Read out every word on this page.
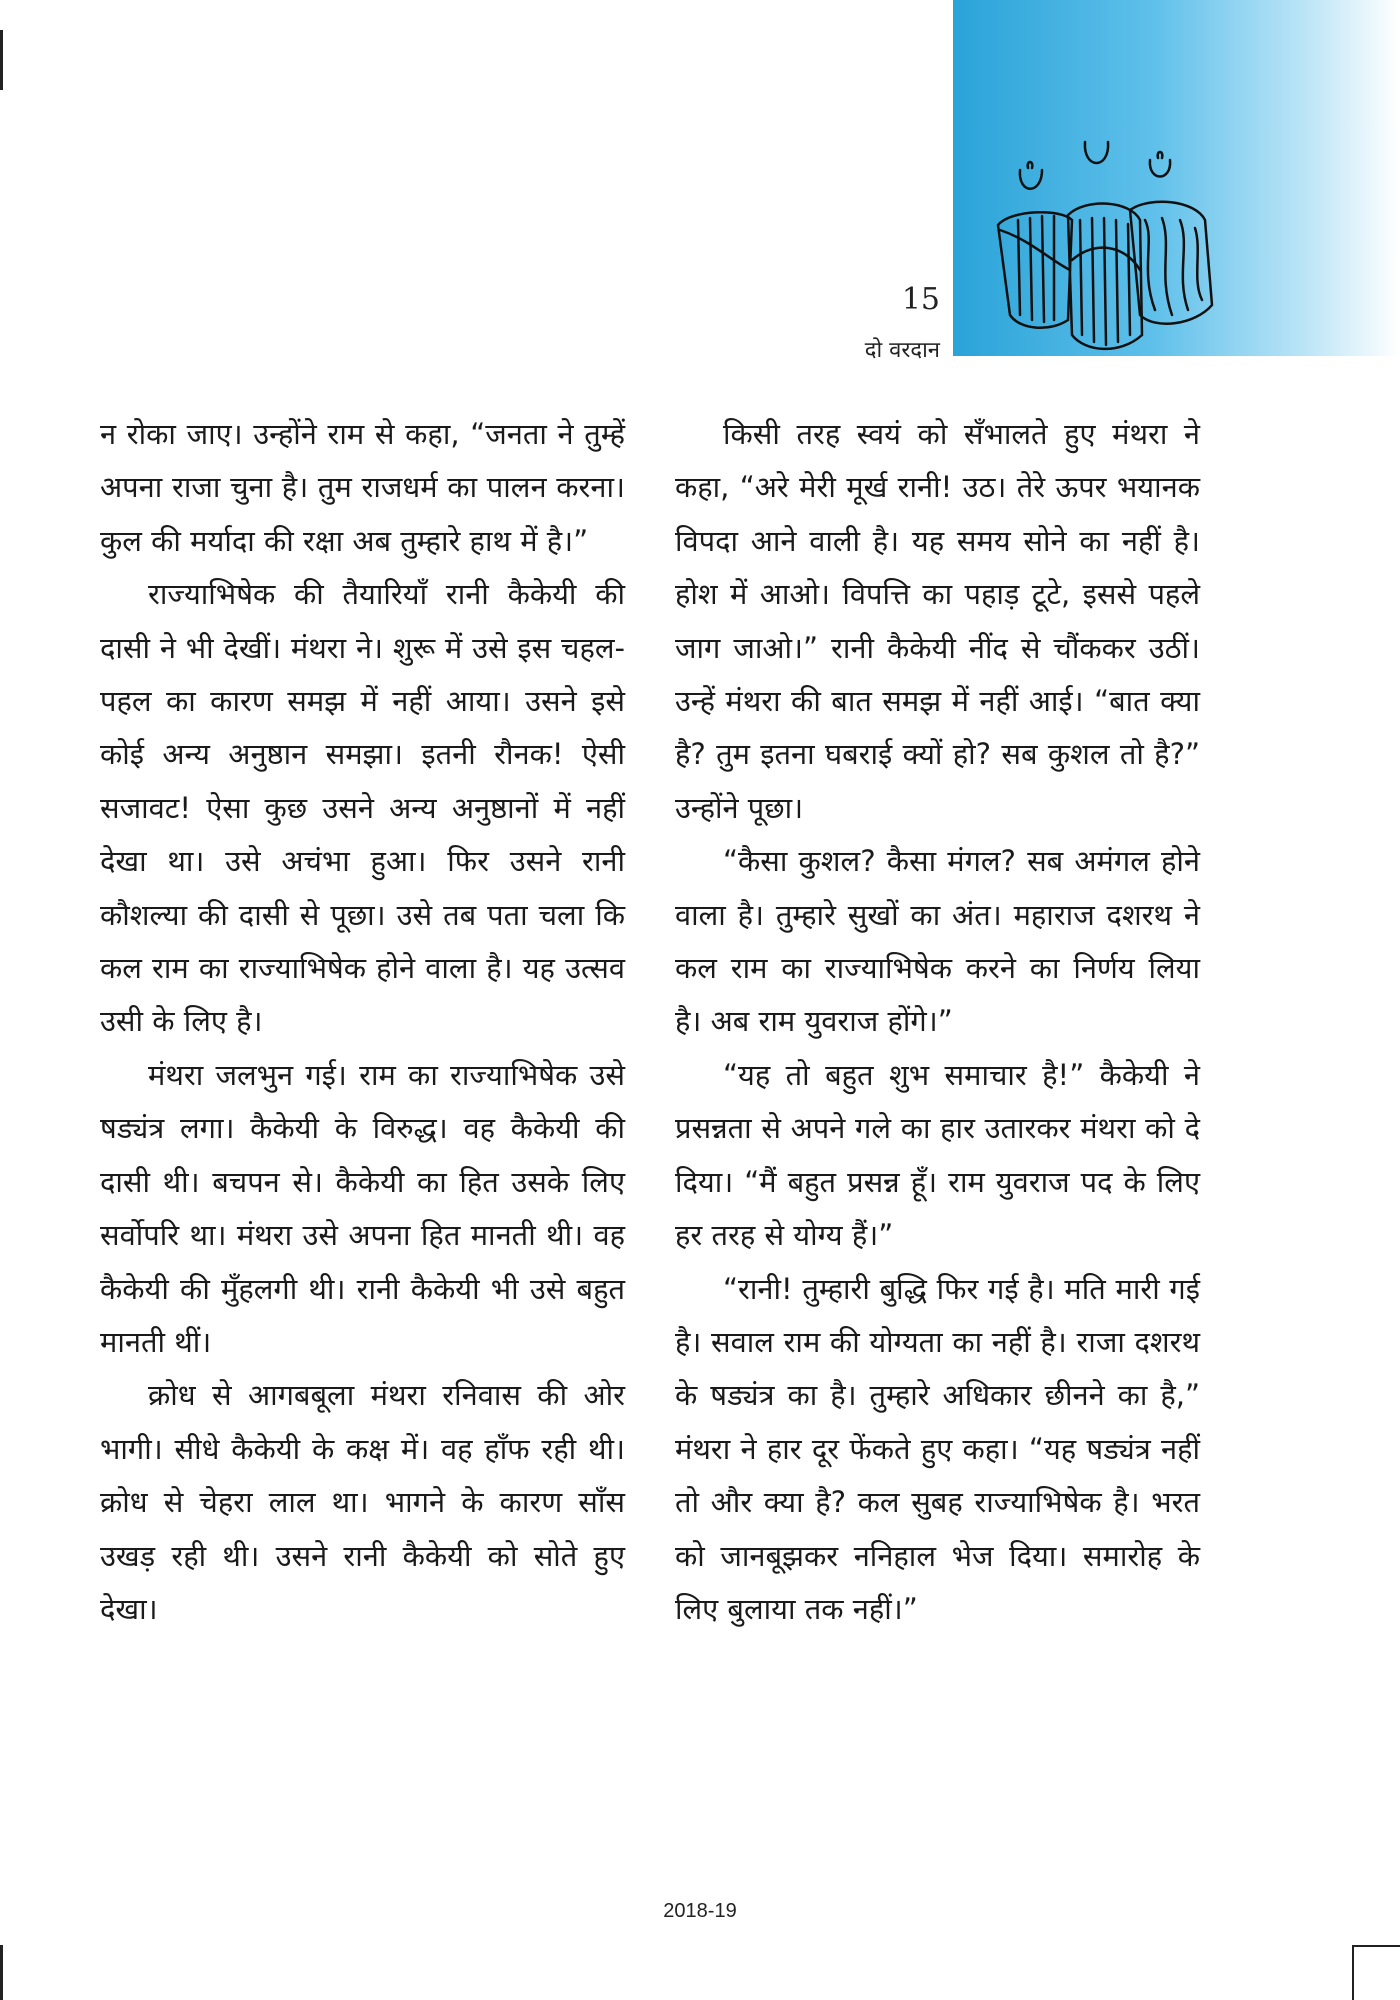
15
दो वरदान

न रोका जाए। उन्होंने राम से कहा, “जनता ने तुम्हें अपना राजा चुना है। तुम राजधर्म का पालन करना। कुल की मर्यादा की रक्षा अब तुम्हारे हाथ में है।”

राज्याभिषेक की तैयारियाँ रानी कैकेयी की दासी ने भी देखीं। मंथरा ने। शुरू में उसे इस चहल-पहल का कारण समझ में नहीं आया। उसने इसे कोई अन्य अनुष्ठान समझा। इतनी रौनक! ऐसी सजावट! ऐसा कुछ उसने अन्य अनुष्ठानों में नहीं देखा था। उसे अचंभा हुआ। फिर उसने रानी कौशल्या की दासी से पूछा। उसे तब पता चला कि कल राम का राज्याभिषेक होने वाला है। यह उत्सव उसी के लिए है।

मंथरा जलभुन गई। राम का राज्याभिषेक उसे षड्यंत्र लगा। कैकेयी के विरुद्ध। वह कैकेयी की दासी थी। बचपन से। कैकेयी का हित उसके लिए सर्वोपरि था। मंथरा उसे अपना हित मानती थी। वह कैकेयी की मुँहलगी थी। रानी कैकेयी भी उसे बहुत मानती थीं।

क्रोध से आगबबूला मंथरा रनिवास की ओर भागी। सीधे कैकेयी के कक्ष में। वह हाँफ रही थी। क्रोध से चेहरा लाल था। भागने के कारण साँस उखड़ रही थी। उसने रानी कैकेयी को सोते हुए देखा।

किसी तरह स्वयं को सँभालते हुए मंथरा ने कहा, “अरे मेरी मूर्ख रानी! उठ। तेरे ऊपर भयानक विपदा आने वाली है। यह समय सोने का नहीं है। होश में आओ। विपत्ति का पहाड़ टूटे, इससे पहले जाग जाओ।” रानी कैकेयी नींद से चौंककर उठीं। उन्हें मंथरा की बात समझ में नहीं आई। “बात क्या है? तुम इतना घबराई क्यों हो? सब कुशल तो है?” उन्होंने पूछा।

“कैसा कुशल? कैसा मंगल? सब अमंगल होने वाला है। तुम्हारे सुखों का अंत। महाराज दशरथ ने कल राम का राज्याभिषेक करने का निर्णय लिया है। अब राम युवराज होंगे।”

“यह तो बहुत शुभ समाचार है!” कैकेयी ने प्रसन्नता से अपने गले का हार उतारकर मंथरा को दे दिया। “मैं बहुत प्रसन्न हूँ। राम युवराज पद के लिए हर तरह से योग्य हैं।”

“रानी! तुम्हारी बुद्धि फिर गई है। मति मारी गई है। सवाल राम की योग्यता का नहीं है। राजा दशरथ के षड्यंत्र का है। तुम्हारे अधिकार छीनने का है,” मंथरा ने हार दूर फेंकते हुए कहा। “यह षड्यंत्र नहीं तो और क्या है? कल सुबह राज्याभिषेक है। भरत को जानबूझकर ननिहाल भेज दिया। समारोह के लिए बुलाया तक नहीं।”

2018-19
